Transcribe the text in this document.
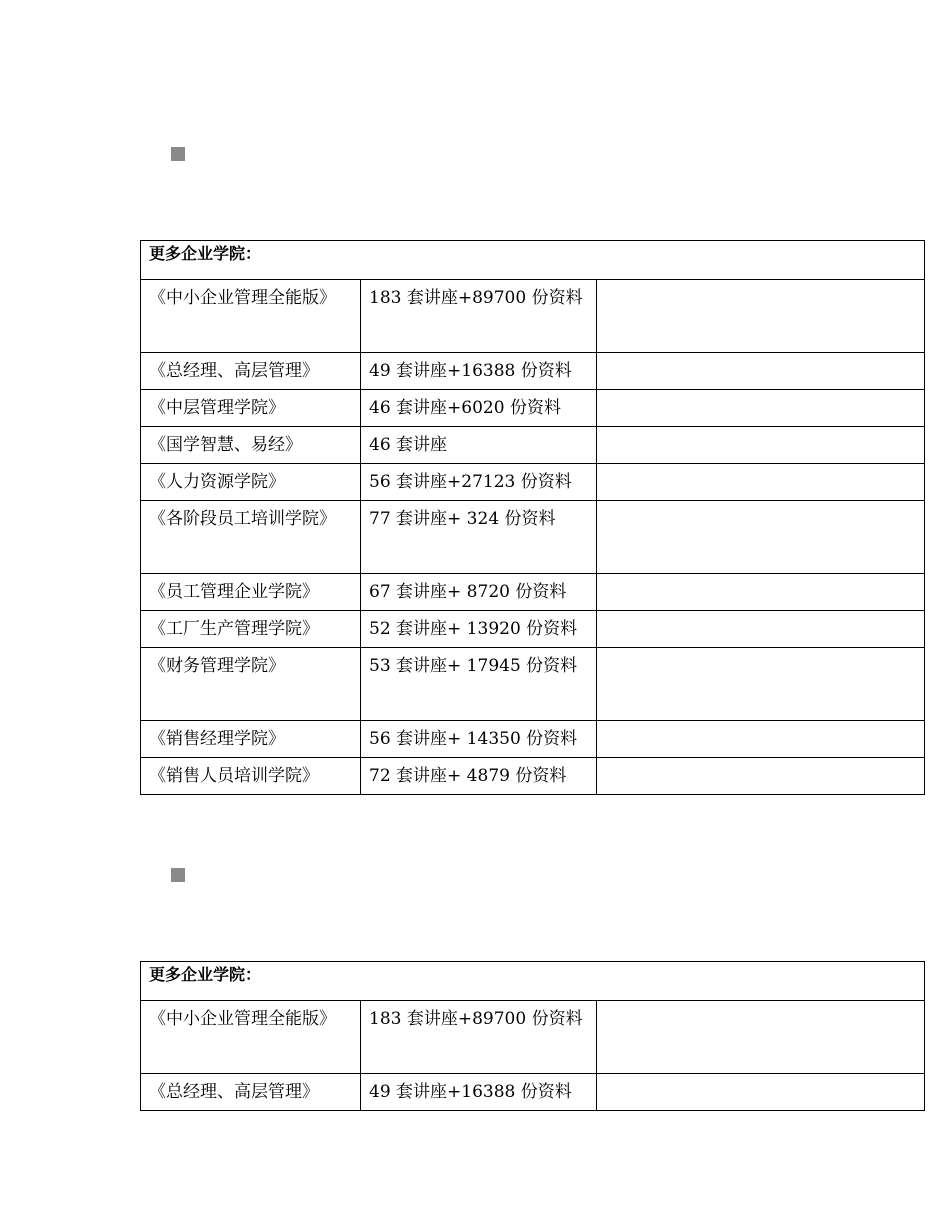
更多企业学院：		
《中小企业管理全能版》	183 套讲座+89700 份资料	
《总经理、高层管理》	49 套讲座+16388 份资料	
《中层管理学院》	46 套讲座+6020 份资料	
《国学智慧、易经》	46 套讲座	
《人力资源学院》	56 套讲座+27123 份资料	
《各阶段员工培训学院》	77 套讲座+ 324 份资料	
《员工管理企业学院》	67 套讲座+ 8720 份资料	
《工厂生产管理学院》	52 套讲座+ 13920 份资料	
《财务管理学院》	53 套讲座+ 17945 份资料	
《销售经理学院》	56 套讲座+ 14350 份资料	
《销售人员培训学院》	72 套讲座+ 4879 份资料	
更多企业学院：		
《中小企业管理全能版》	183 套讲座+89700 份资料	
《总经理、高层管理》	49 套讲座+16388 份资料	
